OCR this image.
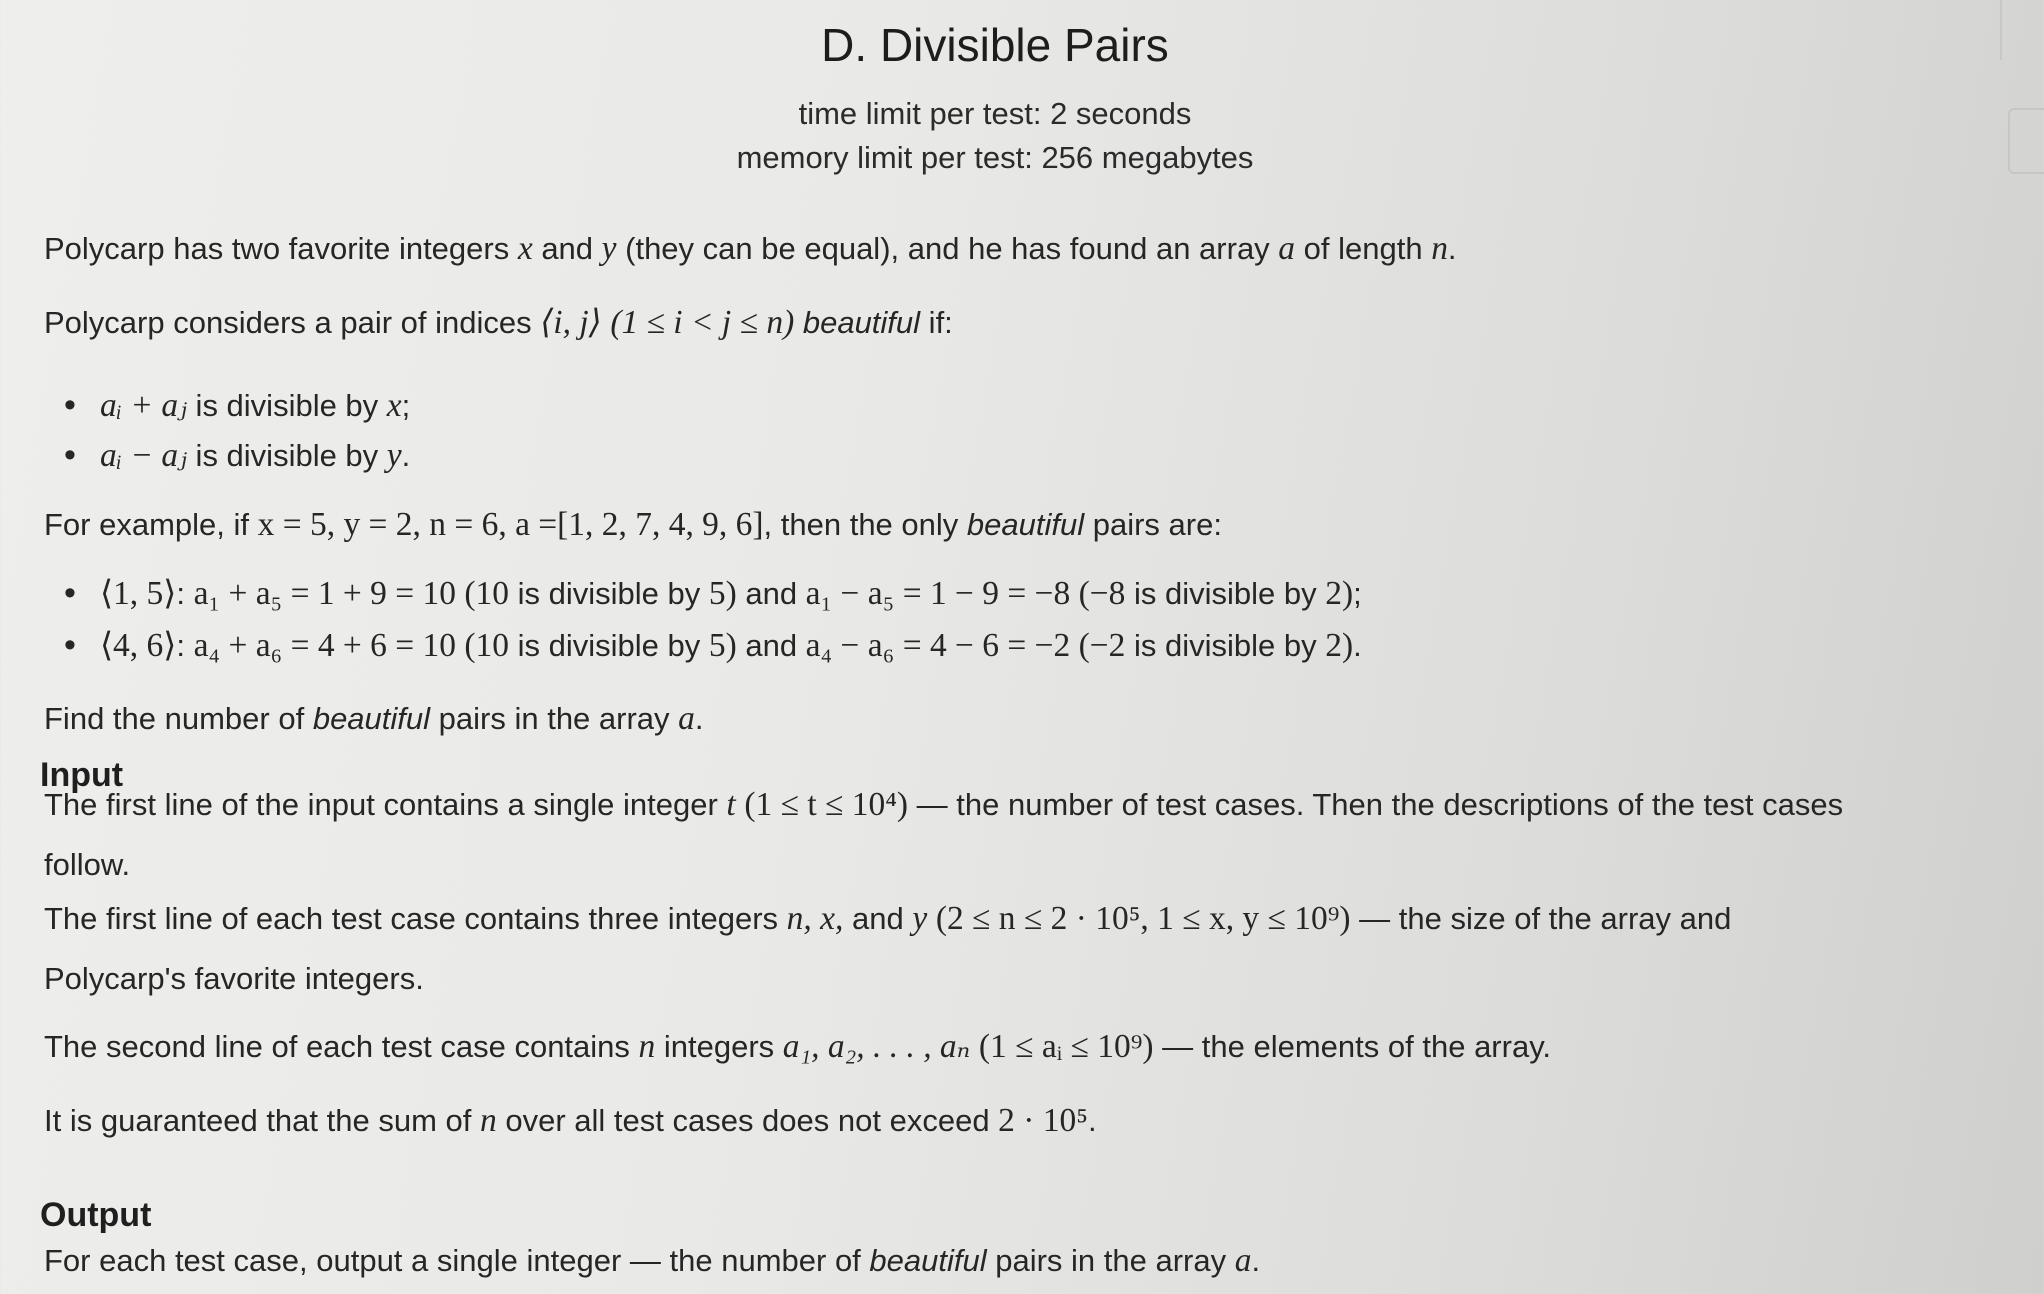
D. Divisible Pairs
time limit per test: 2 seconds
memory limit per test: 256 megabytes
Polycarp has two favorite integers x and y (they can be equal), and he has found an array a of length n.
Polycarp considers a pair of indices ⟨i, j⟩ (1 ≤ i < j ≤ n) beautiful if:
• aᵢ + aⱼ is divisible by x;
• aᵢ − aⱼ is divisible by y.
For example, if x = 5, y = 2, n = 6, a =[1, 2, 7, 4, 9, 6], then the only beautiful pairs are:
• ⟨1, 5⟩: a₁ + a₅ = 1 + 9 = 10 (10 is divisible by 5) and a₁ − a₅ = 1 − 9 = −8 (−8 is divisible by 2);
• ⟨4, 6⟩: a₄ + a₆ = 4 + 6 = 10 (10 is divisible by 5) and a₄ − a₆ = 4 − 6 = −2 (−2 is divisible by 2).
Find the number of beautiful pairs in the array a.
Input
The first line of the input contains a single integer t (1 ≤ t ≤ 10⁴) — the number of test cases. Then the descriptions of the test cases
follow.
The first line of each test case contains three integers n, x, and y (2 ≤ n ≤ 2 · 10⁵, 1 ≤ x, y ≤ 10⁹) — the size of the array and
Polycarp's favorite integers.
The second line of each test case contains n integers a₁, a₂, . . . , aₙ (1 ≤ aᵢ ≤ 10⁹) — the elements of the array.
It is guaranteed that the sum of n over all test cases does not exceed 2 · 10⁵.
Output
For each test case, output a single integer — the number of beautiful pairs in the array a.
